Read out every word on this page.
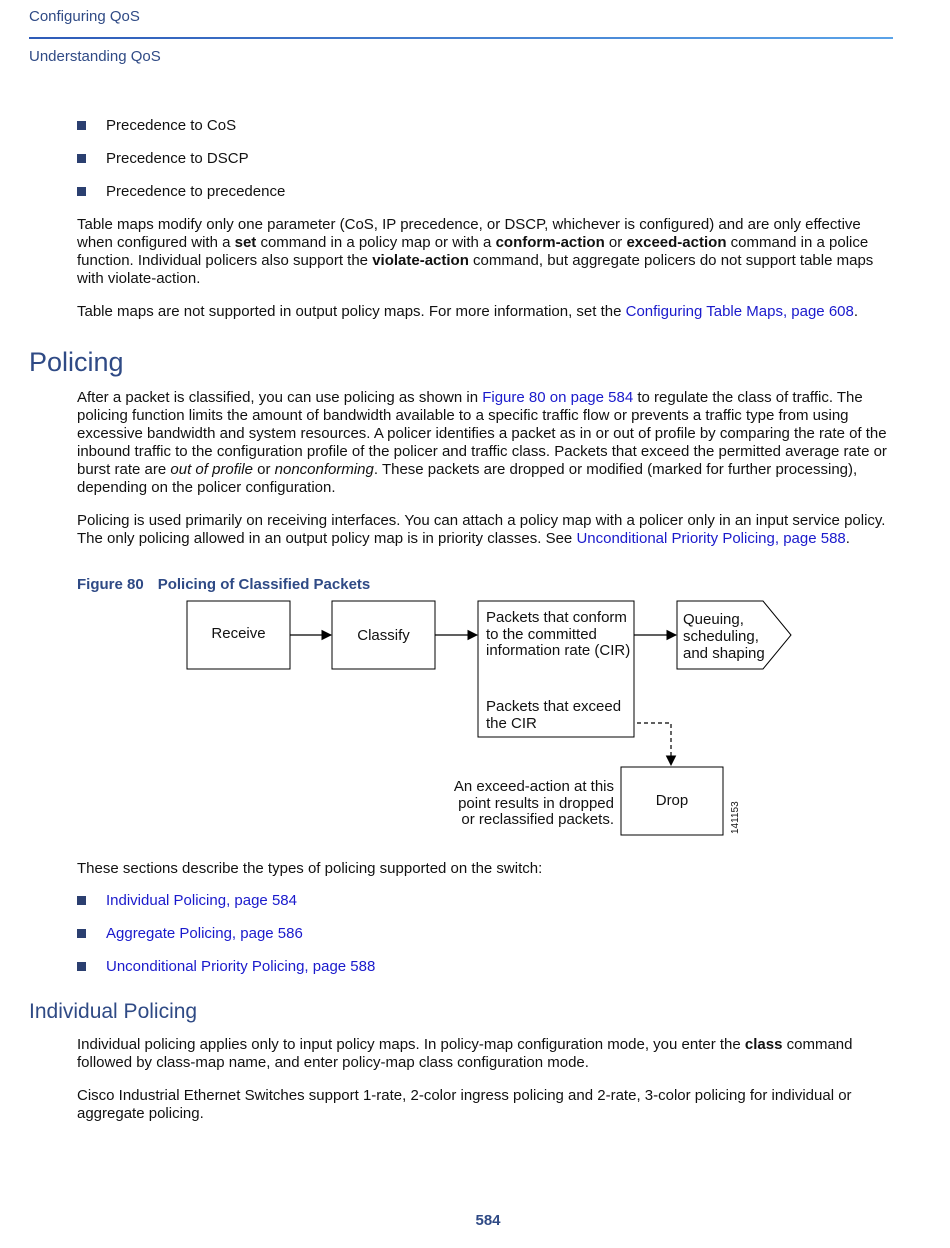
Configuring QoS
Understanding QoS
Precedence to CoS
Precedence to DSCP
Precedence to precedence
Table maps modify only one parameter (CoS, IP precedence, or DSCP, whichever is configured) and are only effective when configured with a set command in a policy map or with a conform-action or exceed-action command in a police function. Individual policers also support the violate-action command, but aggregate policers do not support table maps with violate-action.
Table maps are not supported in output policy maps. For more information, set the Configuring Table Maps, page 608.
Policing
After a packet is classified, you can use policing as shown in Figure 80 on page 584 to regulate the class of traffic. The policing function limits the amount of bandwidth available to a specific traffic flow or prevents a traffic type from using excessive bandwidth and system resources. A policer identifies a packet as in or out of profile by comparing the rate of the inbound traffic to the configuration profile of the policer and traffic class. Packets that exceed the permitted average rate or burst rate are out of profile or nonconforming. These packets are dropped or modified (marked for further processing), depending on the policer configuration.
Policing is used primarily on receiving interfaces. You can attach a policy map with a policer only in an input service policy. The only policing allowed in an output policy map is in priority classes. See Unconditional Priority Policing, page 588.
Figure 80 Policing of Classified Packets
Receive	Classify
Packets that conform
to the committed
information rate (CIR)
Packets that exceed
the CIR
Queuing,
scheduling,
and shaping
Drop
An exceed-action at this
point results in dropped
or reclassified packets.	141153
These sections describe the types of policing supported on the switch:
Individual Policing, page 584
Aggregate Policing, page 586
Unconditional Priority Policing, page 588
Individual Policing
Individual policing applies only to input policy maps. In policy-map configuration mode, you enter the class command followed by class-map name, and enter policy-map class configuration mode.
Cisco Industrial Ethernet Switches support 1-rate, 2-color ingress policing and 2-rate, 3-color policing for individual or aggregate policing.
584
